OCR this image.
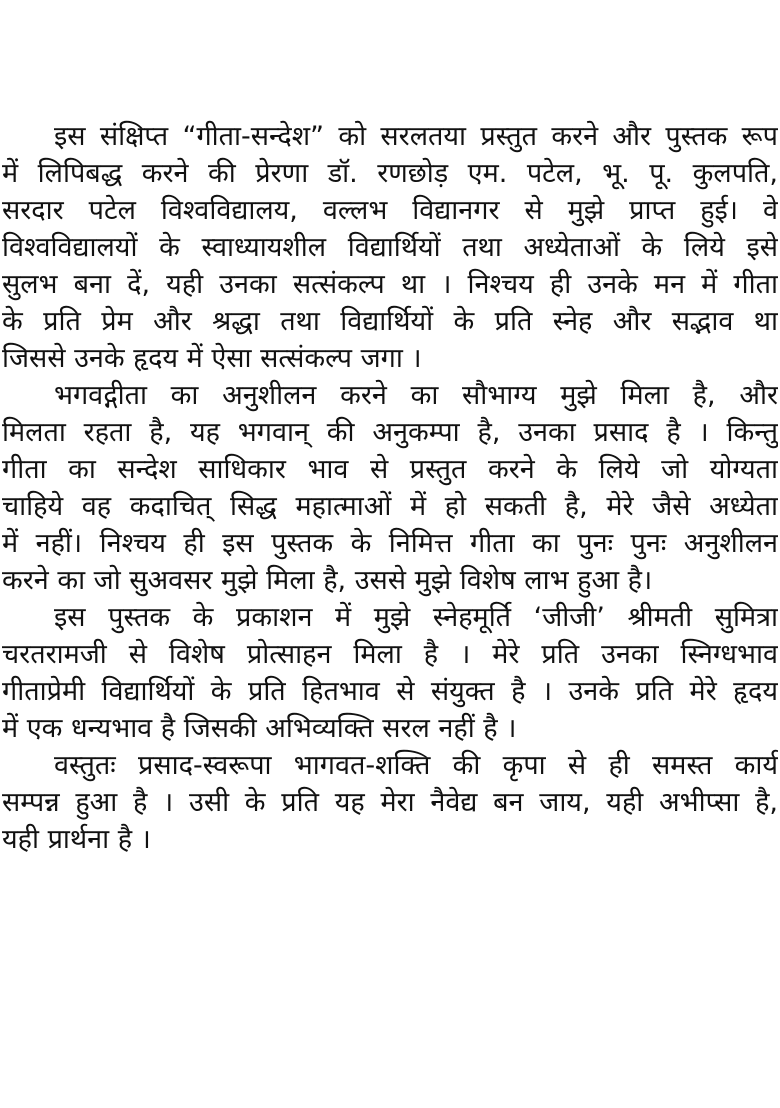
इस संक्षिप्त “गीता-सन्देश” को सरलतया प्रस्तुत करने और पुस्तक रूप
में लिपिबद्ध करने की प्रेरणा डॉ. रणछोड़ एम. पटेल, भू. पू. कुलपति,
सरदार पटेल विश्वविद्यालय, वल्लभ विद्यानगर से मुझे प्राप्त हुई। वे
विश्वविद्यालयों के स्वाध्यायशील विद्यार्थियों तथा अध्येताओं के लिये इसे
सुलभ बना दें, यही उनका सत्संकल्प था । निश्चय ही उनके मन में गीता
के प्रति प्रेम और श्रद्धा तथा विद्यार्थियों के प्रति स्नेह और सद्भाव था
जिससे उनके हृदय में ऐसा सत्संकल्प जगा ।
भगवद्गीता का अनुशीलन करने का सौभाग्य मुझे मिला है, और
मिलता रहता है, यह भगवान् की अनुकम्पा है, उनका प्रसाद है । किन्तु
गीता का सन्देश साधिकार भाव से प्रस्तुत करने के लिये जो योग्यता
चाहिये वह कदाचित् सिद्ध महात्माओं में हो सकती है, मेरे जैसे अध्येता
में नहीं। निश्चय ही इस पुस्तक के निमित्त गीता का पुनः पुनः अनुशीलन
करने का जो सुअवसर मुझे मिला है, उससे मुझे विशेष लाभ हुआ है।
इस पुस्तक के प्रकाशन में मुझे स्नेहमूर्ति ‘जीजी’ श्रीमती सुमित्रा
चरतरामजी से विशेष प्रोत्साहन मिला है । मेरे प्रति उनका स्निग्धभाव
गीताप्रेमी विद्यार्थियों के प्रति हितभाव से संयुक्त है । उनके प्रति मेरे हृदय
में एक धन्यभाव है जिसकी अभिव्यक्ति सरल नहीं है ।
वस्तुतः प्रसाद-स्वरूपा भागवत-शक्ति की कृपा से ही समस्त कार्य
सम्पन्न हुआ है । उसी के प्रति यह मेरा नैवेद्य बन जाय, यही अभीप्सा है,
यही प्रार्थना है ।
